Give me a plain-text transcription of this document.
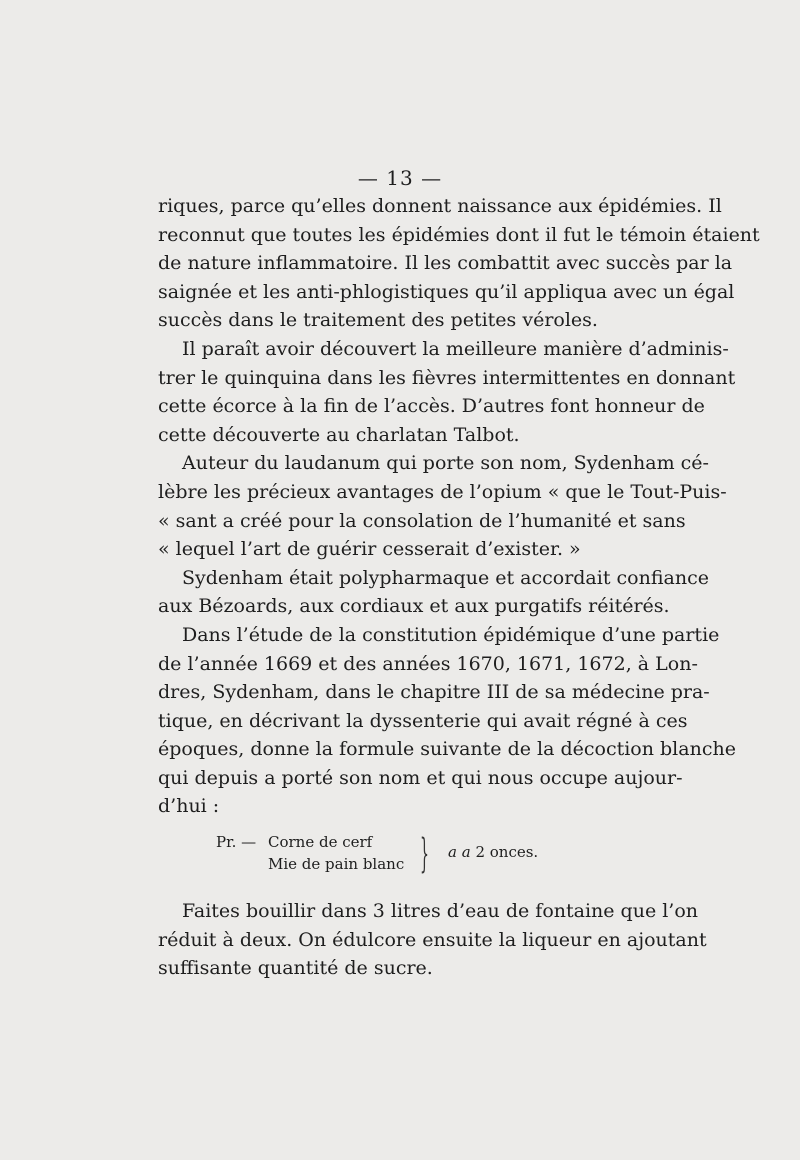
— 13 —
riques, parce qu’elles donnent naissance aux épidémies. Il
reconnut que toutes les épidémies dont il fut le témoin étaient
de nature inflammatoire. Il les combattit avec succès par la
saignée et les anti-phlogistiques qu’il appliqua avec un égal
succès dans le traitement des petites véroles.
Il paraît avoir découvert la meilleure manière d’adminis-
trer le quinquina dans les fièvres intermittentes en donnant
cette écorce à la fin de l’accès. D’autres font honneur de
cette découverte au charlatan Talbot.
Auteur du laudanum qui porte son nom, Sydenham cé-
lèbre les précieux avantages de l’opium « que le Tout-Puis-
« sant a créé pour la consolation de l’humanité et sans
« lequel l’art de guérir cesserait d’exister. »
Sydenham était polypharmaque et accordait confiance
aux Bézoards, aux cordiaux et aux purgatifs réitérés.
Dans l’étude de la constitution épidémique d’une partie
de l’année 1669 et des années 1670, 1671, 1672, à Lon-
dres, Sydenham, dans le chapitre III de sa médecine pra-
tique, en décrivant la dyssenterie qui avait régné à ces
époques, donne la formule suivante de la décoction blanche
qui depuis a porté son nom et qui nous occupe aujour-
d’hui :
Pr. — Corne de cerf
Mie de pain blanc } a a 2 onces.
Faites bouillir dans 3 litres d’eau de fontaine que l’on
réduit à deux. On édulcore ensuite la liqueur en ajoutant
suffisante quantité de sucre.
